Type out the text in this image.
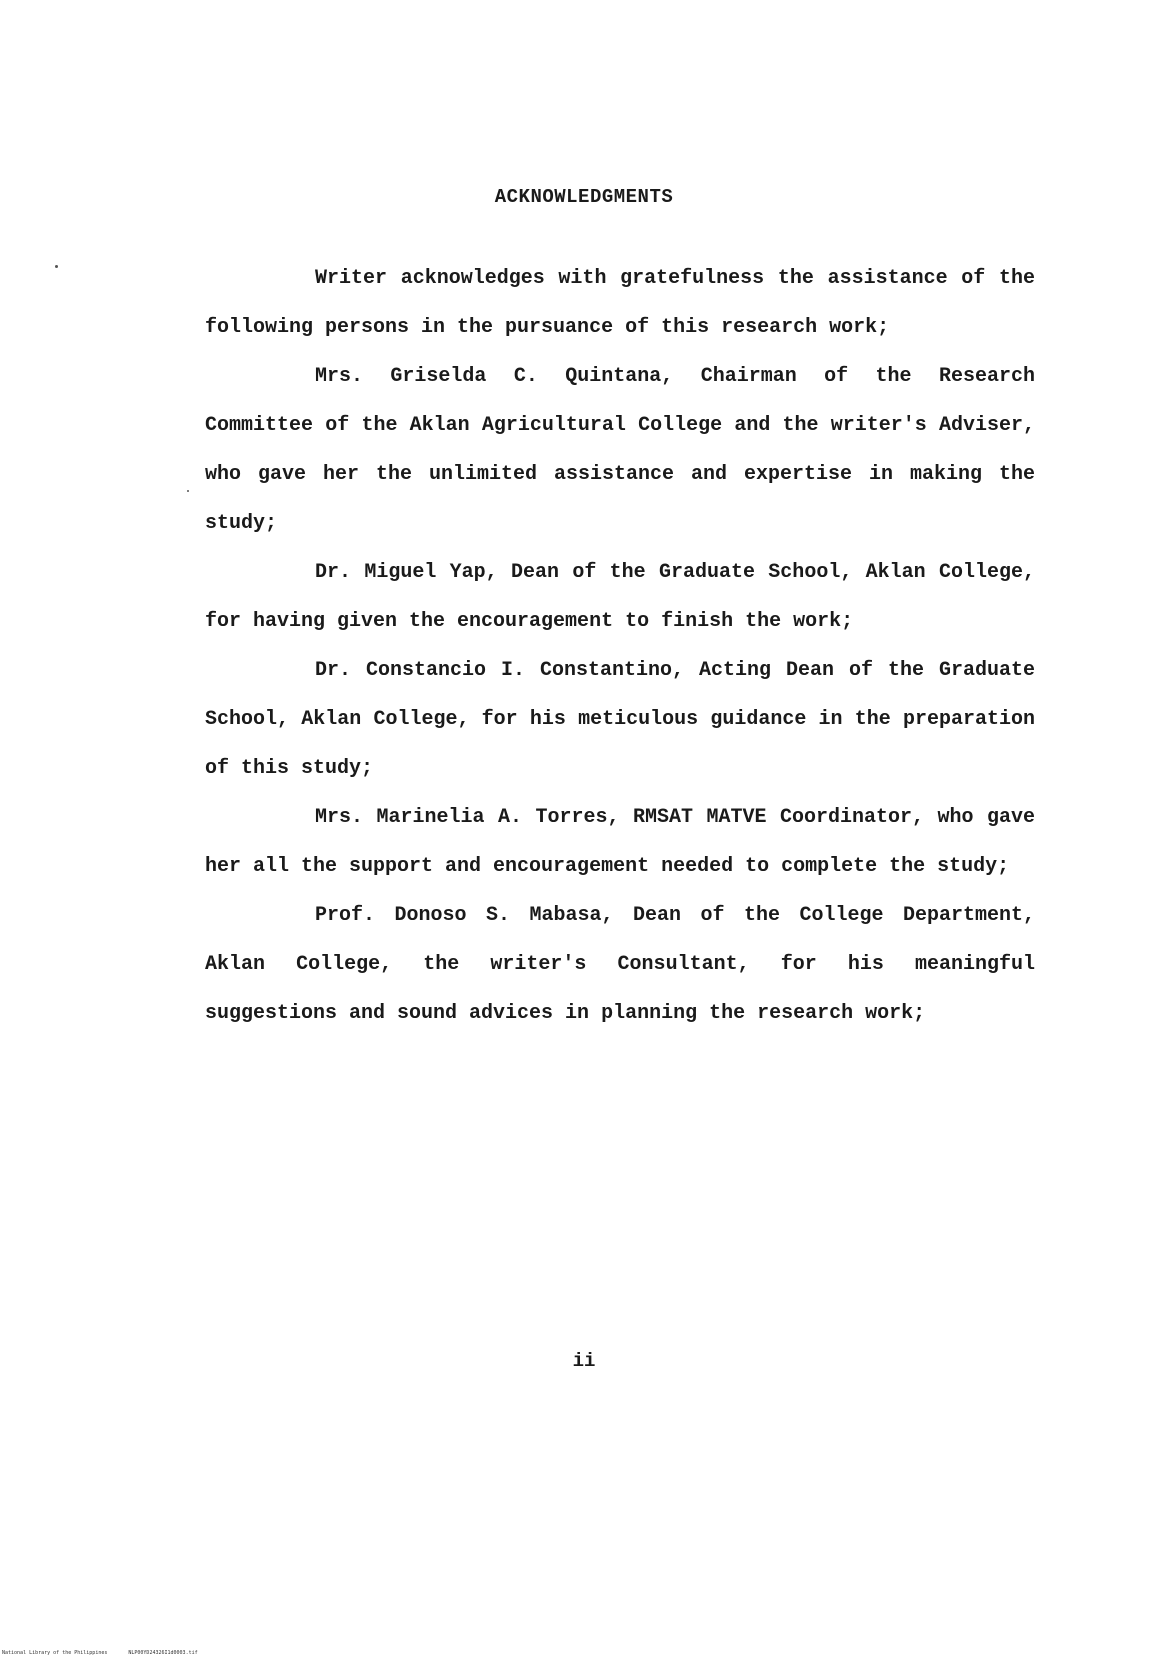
ACKNOWLEDGMENTS

Writer acknowledges with gratefulness the assistance of the following persons in the pursuance of this research work;

Mrs. Griselda C. Quintana, Chairman of the Research Committee of the Aklan Agricultural College and the writer's Adviser, who gave her the unlimited assistance and expertise in making the study;

Dr. Miguel Yap, Dean of the Graduate School, Aklan College, for having given the encouragement to finish the work;

Dr. Constancio I. Constantino, Acting Dean of the Graduate School, Aklan College, for his meticulous guidance in the preparation of this study;

Mrs. Marinelia A. Torres, RMSAT MATVE Coordinator, who gave her all the support and encouragement needed to complete the study;

Prof. Donoso S. Mabasa, Dean of the College Department, Aklan College, the writer's Consultant, for his meaningful suggestions and sound advices in planning the research work;

ii
National Library of the Philippines	NLP00YD24326I1d0003.tif
